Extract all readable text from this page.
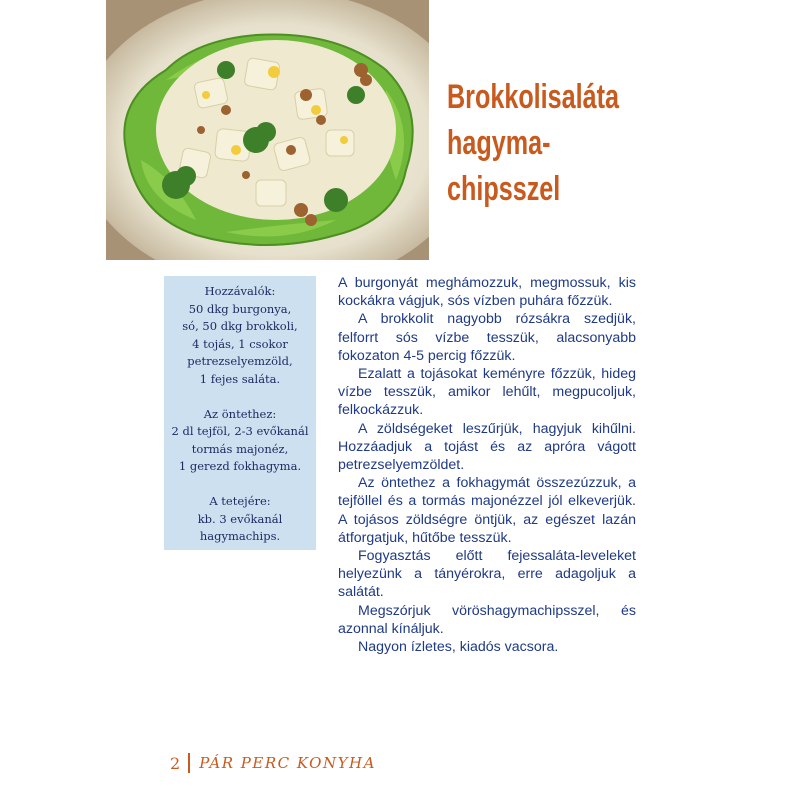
Brokkolisaláta
hagyma-
chipsszel
Hozzávalók:
50 dkg burgonya,
só, 50 dkg brokkoli,
4 tojás, 1 csokor
petrezselyemzöld,
1 fejes saláta.
Az öntethez:
2 dl tejföl, 2-3 evőkanál
tormás majonéz,
1 gerezd fokhagyma.
A tetejére:
kb. 3 evőkanál
hagymachips.

A burgonyát meghámozzuk, megmossuk, kis kockákra vágjuk, sós vízben puhára főzzük.

A brokkolit nagyobb rózsákra szedjük, felforrt sós vízbe tesszük, alacsonyabb fokozaton 4-5 percig főzzük.

Ezalatt a tojásokat keményre főzzük, hideg vízbe tesszük, amikor lehűlt, megpucoljuk, felkockázzuk.

A zöldségeket leszűrjük, hagyjuk kihűlni. Hozzáadjuk a tojást és az apróra vágott petrezselyemzöldet.

Az öntethez a fokhagymát összezúzzuk, a tejföllel és a tormás majonézzel jól elkeverjük. A tojásos zöldségre öntjük, az egészet lazán átforgatjuk, hűtőbe tesszük.

Fogyasztás előtt fejessaláta-leveleket helyezünk a tányérokra, erre adagoljuk a salátát.

Megszórjuk vöröshagymachipsszel, és azonnal kínáljuk.

Nagyon ízletes, kiadós vacsora.

2 PÁR PERC KONYHA
